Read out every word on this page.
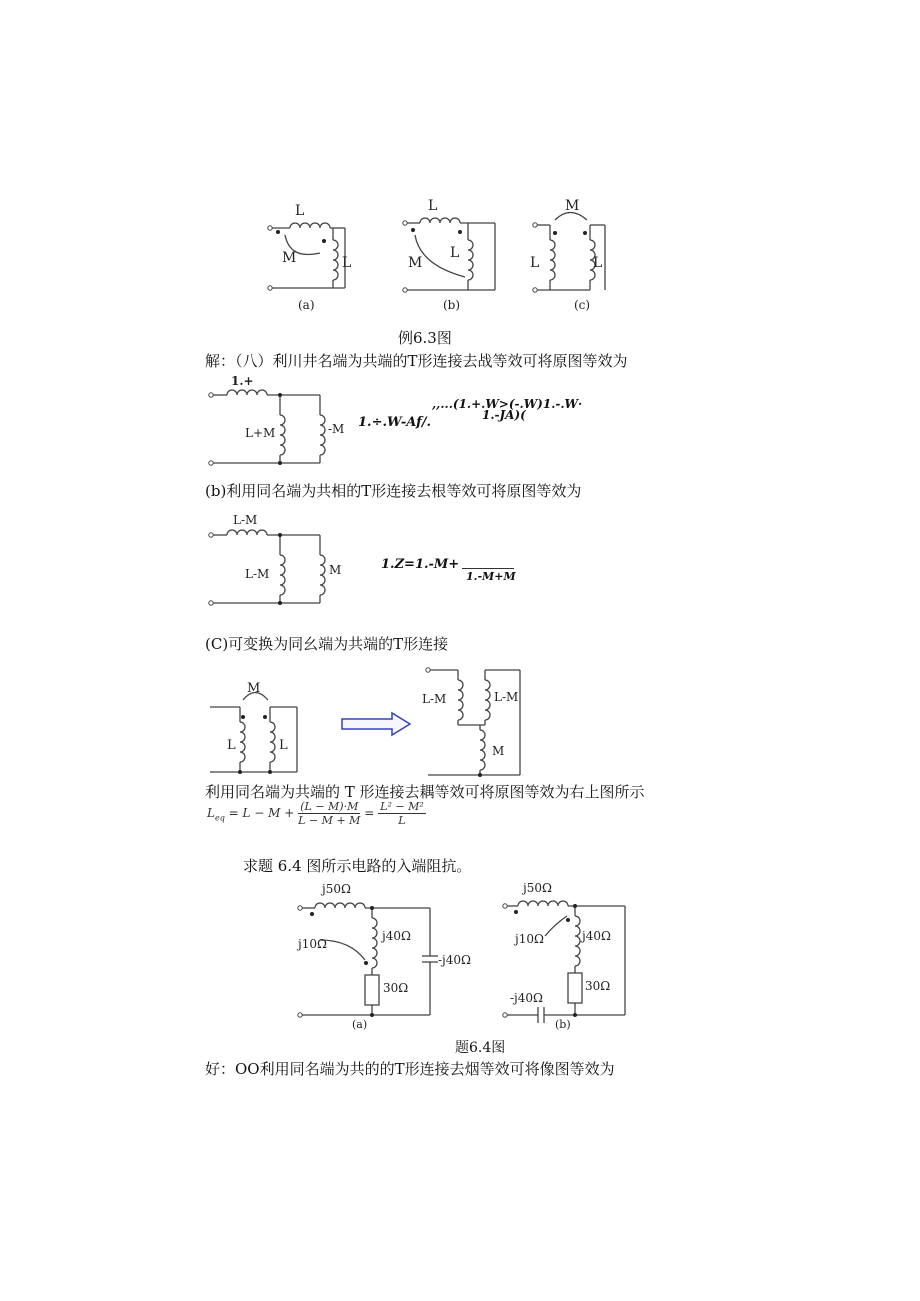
L
M	L
(a)
L
M
L
(b)
M
L	L
(c)
例6.3图
解：（八）利川井名端为共端的T形连接去战等效可将原图等效为
1.+
L+M	-M 1.÷.W-Af/.
,,...(1.+.W>(-.W)1.-.W·
1.-JA)(
(b)利用同名端为共相的T形连接去根等效可将原图等效为
L-M
L-M	M	1.Z=1.-M+
1.-M+M
(C)可变换为同幺端为共端的T形连接
M
L	L
L-M	L-M
M
利用同名端为共端的 T 形连接去耦等效可将原图等效为右上图所示
$L_{eq} = L - M + \frac{(L - M)\cdot M}{L - M + M} = \frac{\text{L² − M²}}{L}$
求题 6.4 图所示电路的入端阻抗。
j50Ω
j10Ω
j40Ω
-j40Ω
30Ω
(a)
j50Ω
j10Ω	j40Ω
-j40Ω
30Ω
(b)
题6.4图
好：OO利用同名端为共的的T形连接去烟等效可将像图等效为
